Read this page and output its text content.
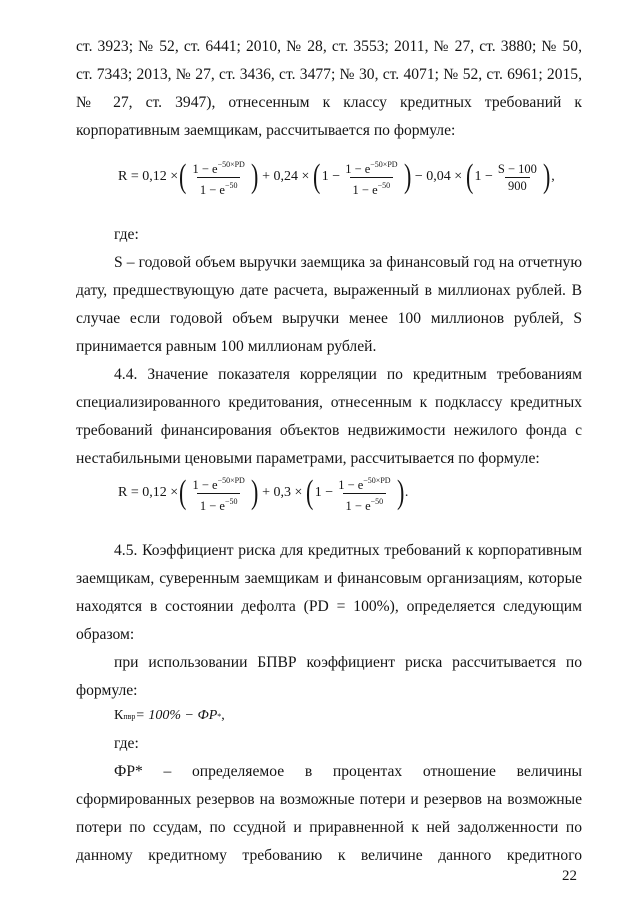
ст. 3923; № 52, ст. 6441; 2010, № 28, ст. 3553; 2011, № 27, ст. 3880; № 50,
ст. 7343; 2013, № 27, ст. 3436, ст. 3477; № 30, ст. 4071; № 52, ст. 6961; 2015,
№ 27, ст. 3947), отнесенным к классу кредитных требований к
корпоративным заемщикам, рассчитывается по формуле:
R = 0,12 × ( $\frac{1 - e^{-50\times PD}}{1 - e^{-50}}$ ) + 0,24 × ( $1 - \frac{1 - e^{-50\times PD}}{1 - e^{-50}}$ ) − 0,04 × ( $1 - \frac{S - 100}{900}$ ) ,
где:
S – годовой объем выручки заемщика за финансовый год на отчетную
дату, предшествующую дате расчета, выраженный в миллионах рублей. В
случае если годовой объем выручки менее 100 миллионов рублей, S
принимается равным 100 миллионам рублей.
4.4. Значение показателя корреляции по кредитным требованиям
специализированного кредитования, отнесенным к подклассу кредитных
требований финансирования объектов недвижимости нежилого фонда с
нестабильными ценовыми параметрами, рассчитывается по формуле:
R = 0,12 × ( $\frac{1 - e^{-50\times PD}}{1 - e^{-50}}$ ) + 0,3 × ( $1 - \frac{1 - e^{-50\times PD}}{1 - e^{-50}}$ ) .
4.5. Коэффициент риска для кредитных требований к корпоративным
заемщикам, суверенным заемщикам и финансовым организациям, которые
находятся в состоянии дефолта (PD = 100%), определяется следующим
образом:
при использовании БПВР коэффициент риска рассчитывается по
формуле:
К пвр = 100% − ФР * ,
где:
ФР* – определяемое в процентах отношение величины
сформированных резервов на возможные потери и резервов на возможные
потери по ссудам, по ссудной и приравненной к ней задолженности по
данному кредитному требованию к величине данного кредитного
22
